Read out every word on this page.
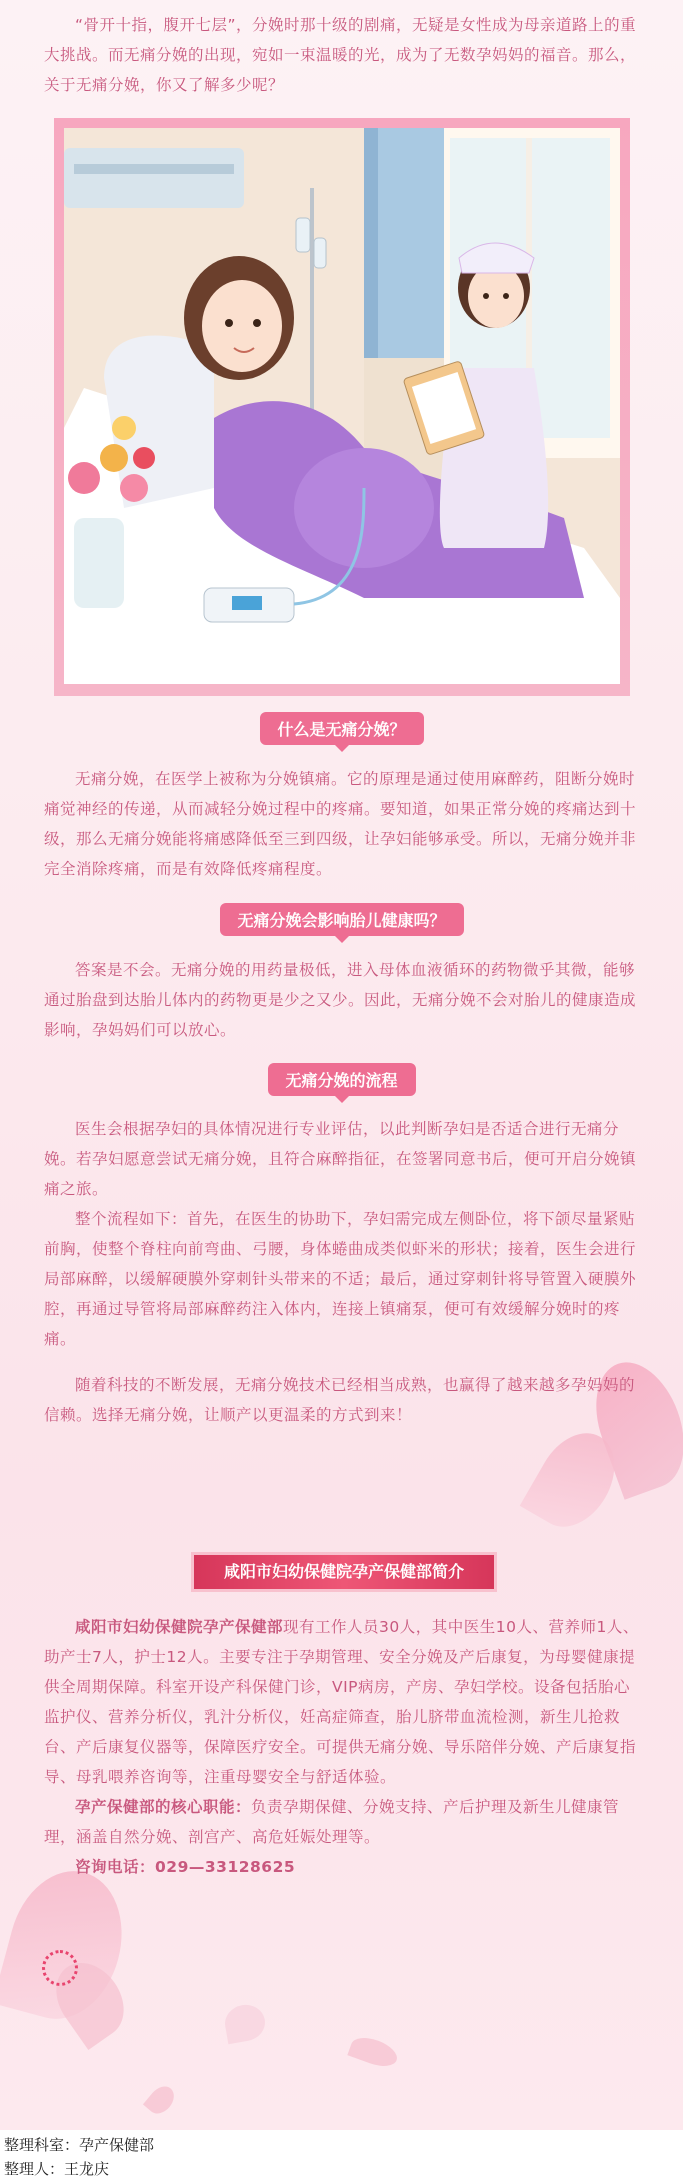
“骨开十指，腹开七层”，分娩时那十级的剧痛，无疑是女性成为母亲道路上的重大挑战。而无痛分娩的出现，宛如一束温暖的光，成为了无数孕妈妈的福音。那么，关于无痛分娩，你又了解多少呢？

什么是无痛分娩？

无痛分娩，在医学上被称为分娩镇痛。它的原理是通过使用麻醉药，阻断分娩时痛觉神经的传递，从而减轻分娩过程中的疼痛。要知道，如果正常分娩的疼痛达到十级，那么无痛分娩能将痛感降低至三到四级，让孕妇能够承受。所以，无痛分娩并非完全消除疼痛，而是有效降低疼痛程度。

无痛分娩会影响胎儿健康吗？

答案是不会。无痛分娩的用药量极低，进入母体血液循环的药物微乎其微，能够通过胎盘到达胎儿体内的药物更是少之又少。因此，无痛分娩不会对胎儿的健康造成影响，孕妈妈们可以放心。

无痛分娩的流程

医生会根据孕妇的具体情况进行专业评估，以此判断孕妇是否适合进行无痛分娩。若孕妇愿意尝试无痛分娩，且符合麻醉指征，在签署同意书后，便可开启分娩镇痛之旅。

整个流程如下：首先，在医生的协助下，孕妇需完成左侧卧位，将下颌尽量紧贴前胸，使整个脊柱向前弯曲、弓腰，身体蜷曲成类似虾米的形状；接着，医生会进行局部麻醉，以缓解硬膜外穿刺针头带来的不适；最后，通过穿刺针将导管置入硬膜外腔，再通过导管将局部麻醉药注入体内，连接上镇痛泵，便可有效缓解分娩时的疼痛。

随着科技的不断发展，无痛分娩技术已经相当成熟，也赢得了越来越多孕妈妈的信赖。选择无痛分娩，让顺产以更温柔的方式到来！

咸阳市妇幼保健院孕产保健部简介

咸阳市妇幼保健院孕产保健部现有工作人员30人，其中医生10人、营养师1人、助产士7人，护士12人。主要专注于孕期管理、安全分娩及产后康复，为母婴健康提供全周期保障。科室开设产科保健门诊，VIP病房，产房、孕妇学校。设备包括胎心监护仪、营养分析仪，乳汁分析仪，妊高症筛查，胎儿脐带血流检测，新生儿抢救台、产后康复仪器等，保障医疗安全。可提供无痛分娩、导乐陪伴分娩、产后康复指导、母乳喂养咨询等，注重母婴安全与舒适体验。

孕产保健部的核心职能：负责孕期保健、分娩支持、产后护理及新生儿健康管理，涵盖自然分娩、剖宫产、高危妊娠处理等。

咨询电话：029—33128625

整理科室：孕产保健部
整理人：王龙庆
